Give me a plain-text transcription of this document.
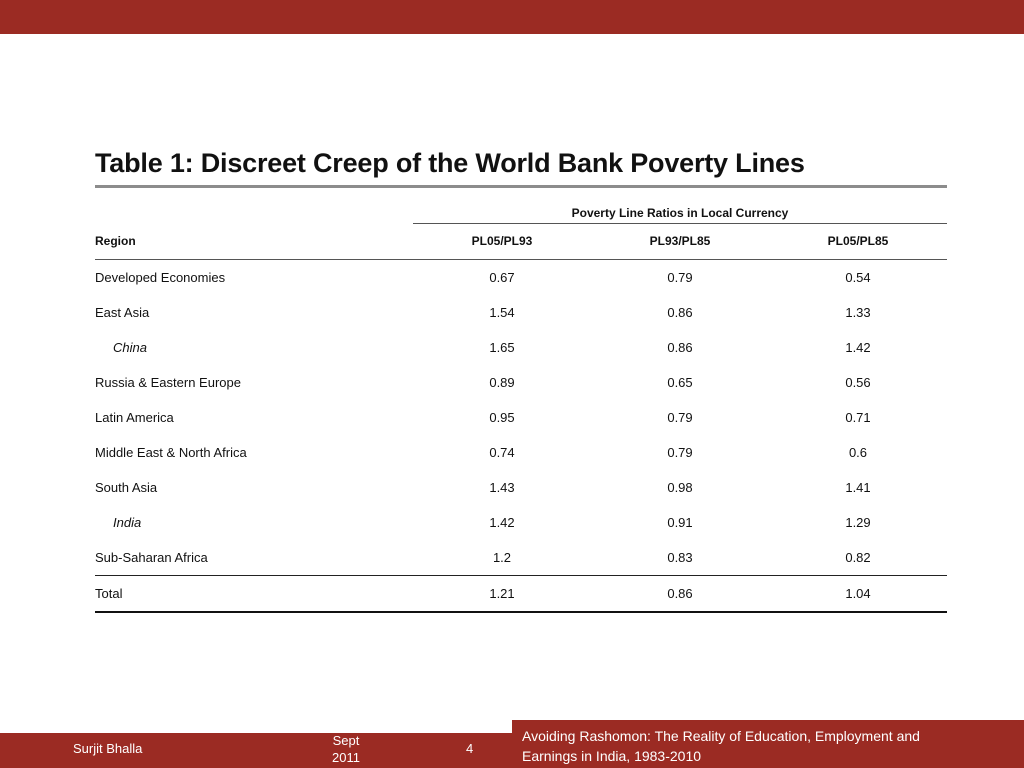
Table 1: Discreet Creep of the World Bank Poverty Lines
Poverty Line Ratios in Local Currency
Region	PL05/PL93	PL93/PL85	PL05/PL85
Developed Economies	0.67	0.79	0.54
East Asia	1.54	0.86	1.33
China	1.65	0.86	1.42
Russia & Eastern Europe	0.89	0.65	0.56
Latin America	0.95	0.79	0.71
Middle East & North Africa	0.74	0.79	0.6
South Asia	1.43	0.98	1.41
India	1.42	0.91	1.29
Sub-Saharan Africa	1.2	0.83	0.82
Total	1.21	0.86	1.04
Surjit Bhalla
Sept
2011
4
Avoiding Rashomon: The Reality of Education, Employment and Earnings in India, 1983-2010
